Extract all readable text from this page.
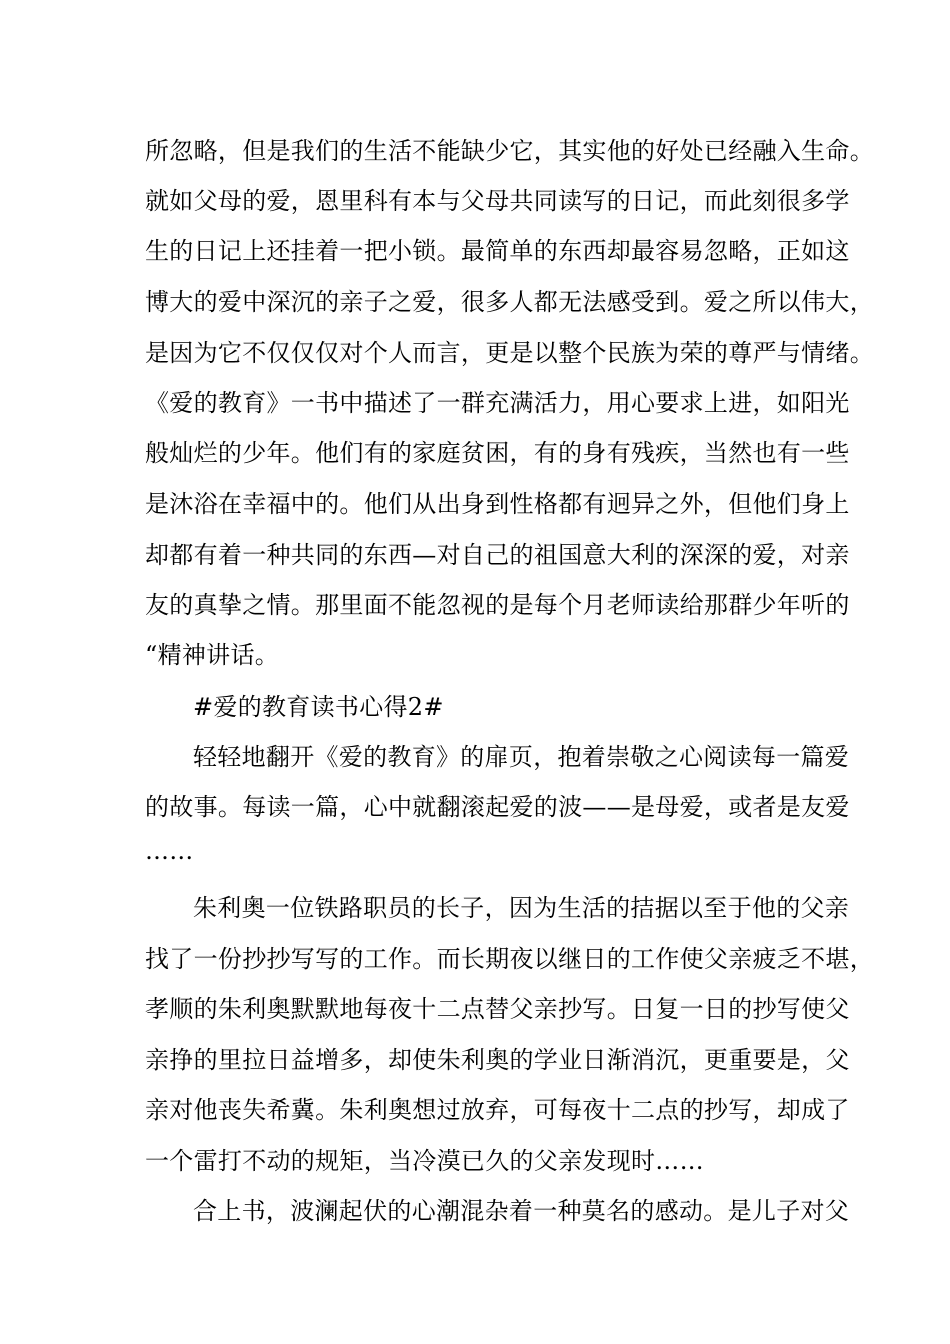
所忽略，但是我们的生活不能缺少它，其实他的好处已经融入生命。
就如父母的爱，恩里科有本与父母共同读写的日记，而此刻很多学
生的日记上还挂着一把小锁。最简单的东西却最容易忽略，正如这
博大的爱中深沉的亲子之爱，很多人都无法感受到。爱之所以伟大，
是因为它不仅仅仅对个人而言，更是以整个民族为荣的尊严与情绪。
《爱的教育》一书中描述了一群充满活力，用心要求上进，如阳光
般灿烂的少年。他们有的家庭贫困，有的身有残疾，当然也有一些
是沐浴在幸福中的。他们从出身到性格都有迥异之外，但他们身上
却都有着一种共同的东西—对自己的祖国意大利的深深的爱，对亲
友的真挚之情。那里面不能忽视的是每个月老师读给那群少年听的
“精神讲话。
#爱的教育读书心得2#
轻轻地翻开《爱的教育》的扉页，抱着崇敬之心阅读每一篇爱
的故事。每读一篇，心中就翻滚起爱的波——是母爱，或者是友爱
……
朱利奥一位铁路职员的长子，因为生活的拮据以至于他的父亲
找了一份抄抄写写的工作。而长期夜以继日的工作使父亲疲乏不堪，
孝顺的朱利奥默默地每夜十二点替父亲抄写。日复一日的抄写使父
亲挣的里拉日益增多，却使朱利奥的学业日渐消沉，更重要是，父
亲对他丧失希冀。朱利奥想过放弃，可每夜十二点的抄写，却成了
一个雷打不动的规矩，当冷漠已久的父亲发现时……
合上书，波澜起伏的心潮混杂着一种莫名的感动。是儿子对父
